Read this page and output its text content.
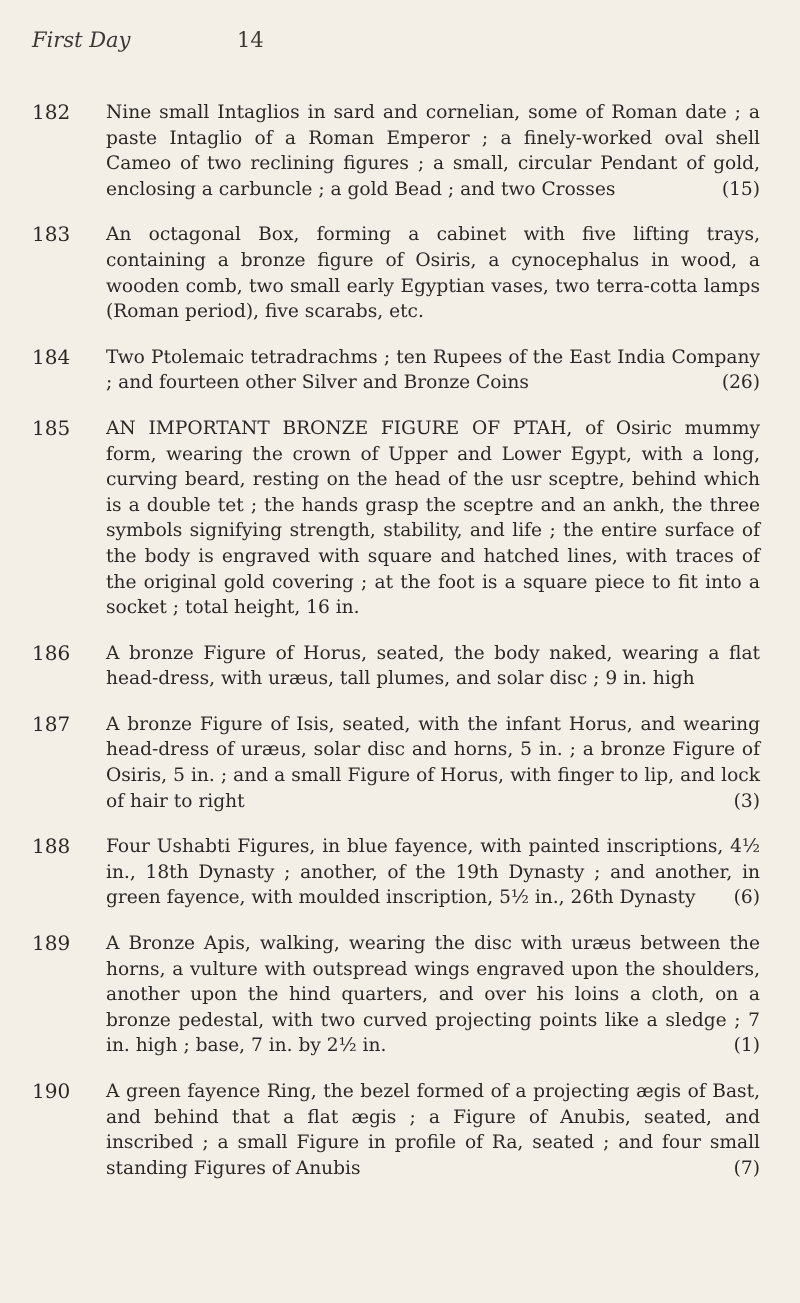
First Day	14
182 Nine small Intaglios in sard and cornelian, some of Roman date ; a paste Intaglio of a Roman Emperor ; a finely-worked oval shell Cameo of two reclining figures ; a small, circular Pendant of gold, enclosing a carbuncle ; a gold Bead ; and two Crosses	(15)
183 An octagonal Box, forming a cabinet with five lifting trays, containing a bronze figure of Osiris, a cynocephalus in wood, a wooden comb, two small early Egyptian vases, two terra-cotta lamps (Roman period), five scarabs, etc.
184 Two Ptolemaic tetradrachms ; ten Rupees of the East India Company ; and fourteen other Silver and Bronze Coins	(26)
185 AN IMPORTANT BRONZE FIGURE OF PTAH, of Osiric mummy form, wearing the crown of Upper and Lower Egypt, with a long, curving beard, resting on the head of the usr sceptre, behind which is a double tet ; the hands grasp the sceptre and an ankh, the three symbols signifying strength, stability, and life ; the entire surface of the body is engraved with square and hatched lines, with traces of the original gold covering ; at the foot is a square piece to fit into a socket ; total height, 16 in.
186 A bronze Figure of Horus, seated, the body naked, wearing a flat head-dress, with uræus, tall plumes, and solar disc ; 9 in. high
187 A bronze Figure of Isis, seated, with the infant Horus, and wearing head-dress of uræus, solar disc and horns, 5 in. ; a bronze Figure of Osiris, 5 in. ; and a small Figure of Horus, with finger to lip, and lock of hair to right	(3)
188 Four Ushabti Figures, in blue fayence, with painted inscriptions, 4½ in., 18th Dynasty ; another, of the 19th Dynasty ; and another, in green fayence, with moulded inscription, 5½ in., 26th Dynasty (6)
189 A Bronze Apis, walking, wearing the disc with uræus between the horns, a vulture with outspread wings engraved upon the shoulders, another upon the hind quarters, and over his loins a cloth, on a bronze pedestal, with two curved projecting points like a sledge ; 7 in. high ; base, 7 in. by 2½ in.	(1)
190 A green fayence Ring, the bezel formed of a projecting ægis of Bast, and behind that a flat ægis ; a Figure of Anubis, seated, and inscribed ; a small Figure in profile of Ra, seated ; and four small standing Figures of Anubis	(7)
